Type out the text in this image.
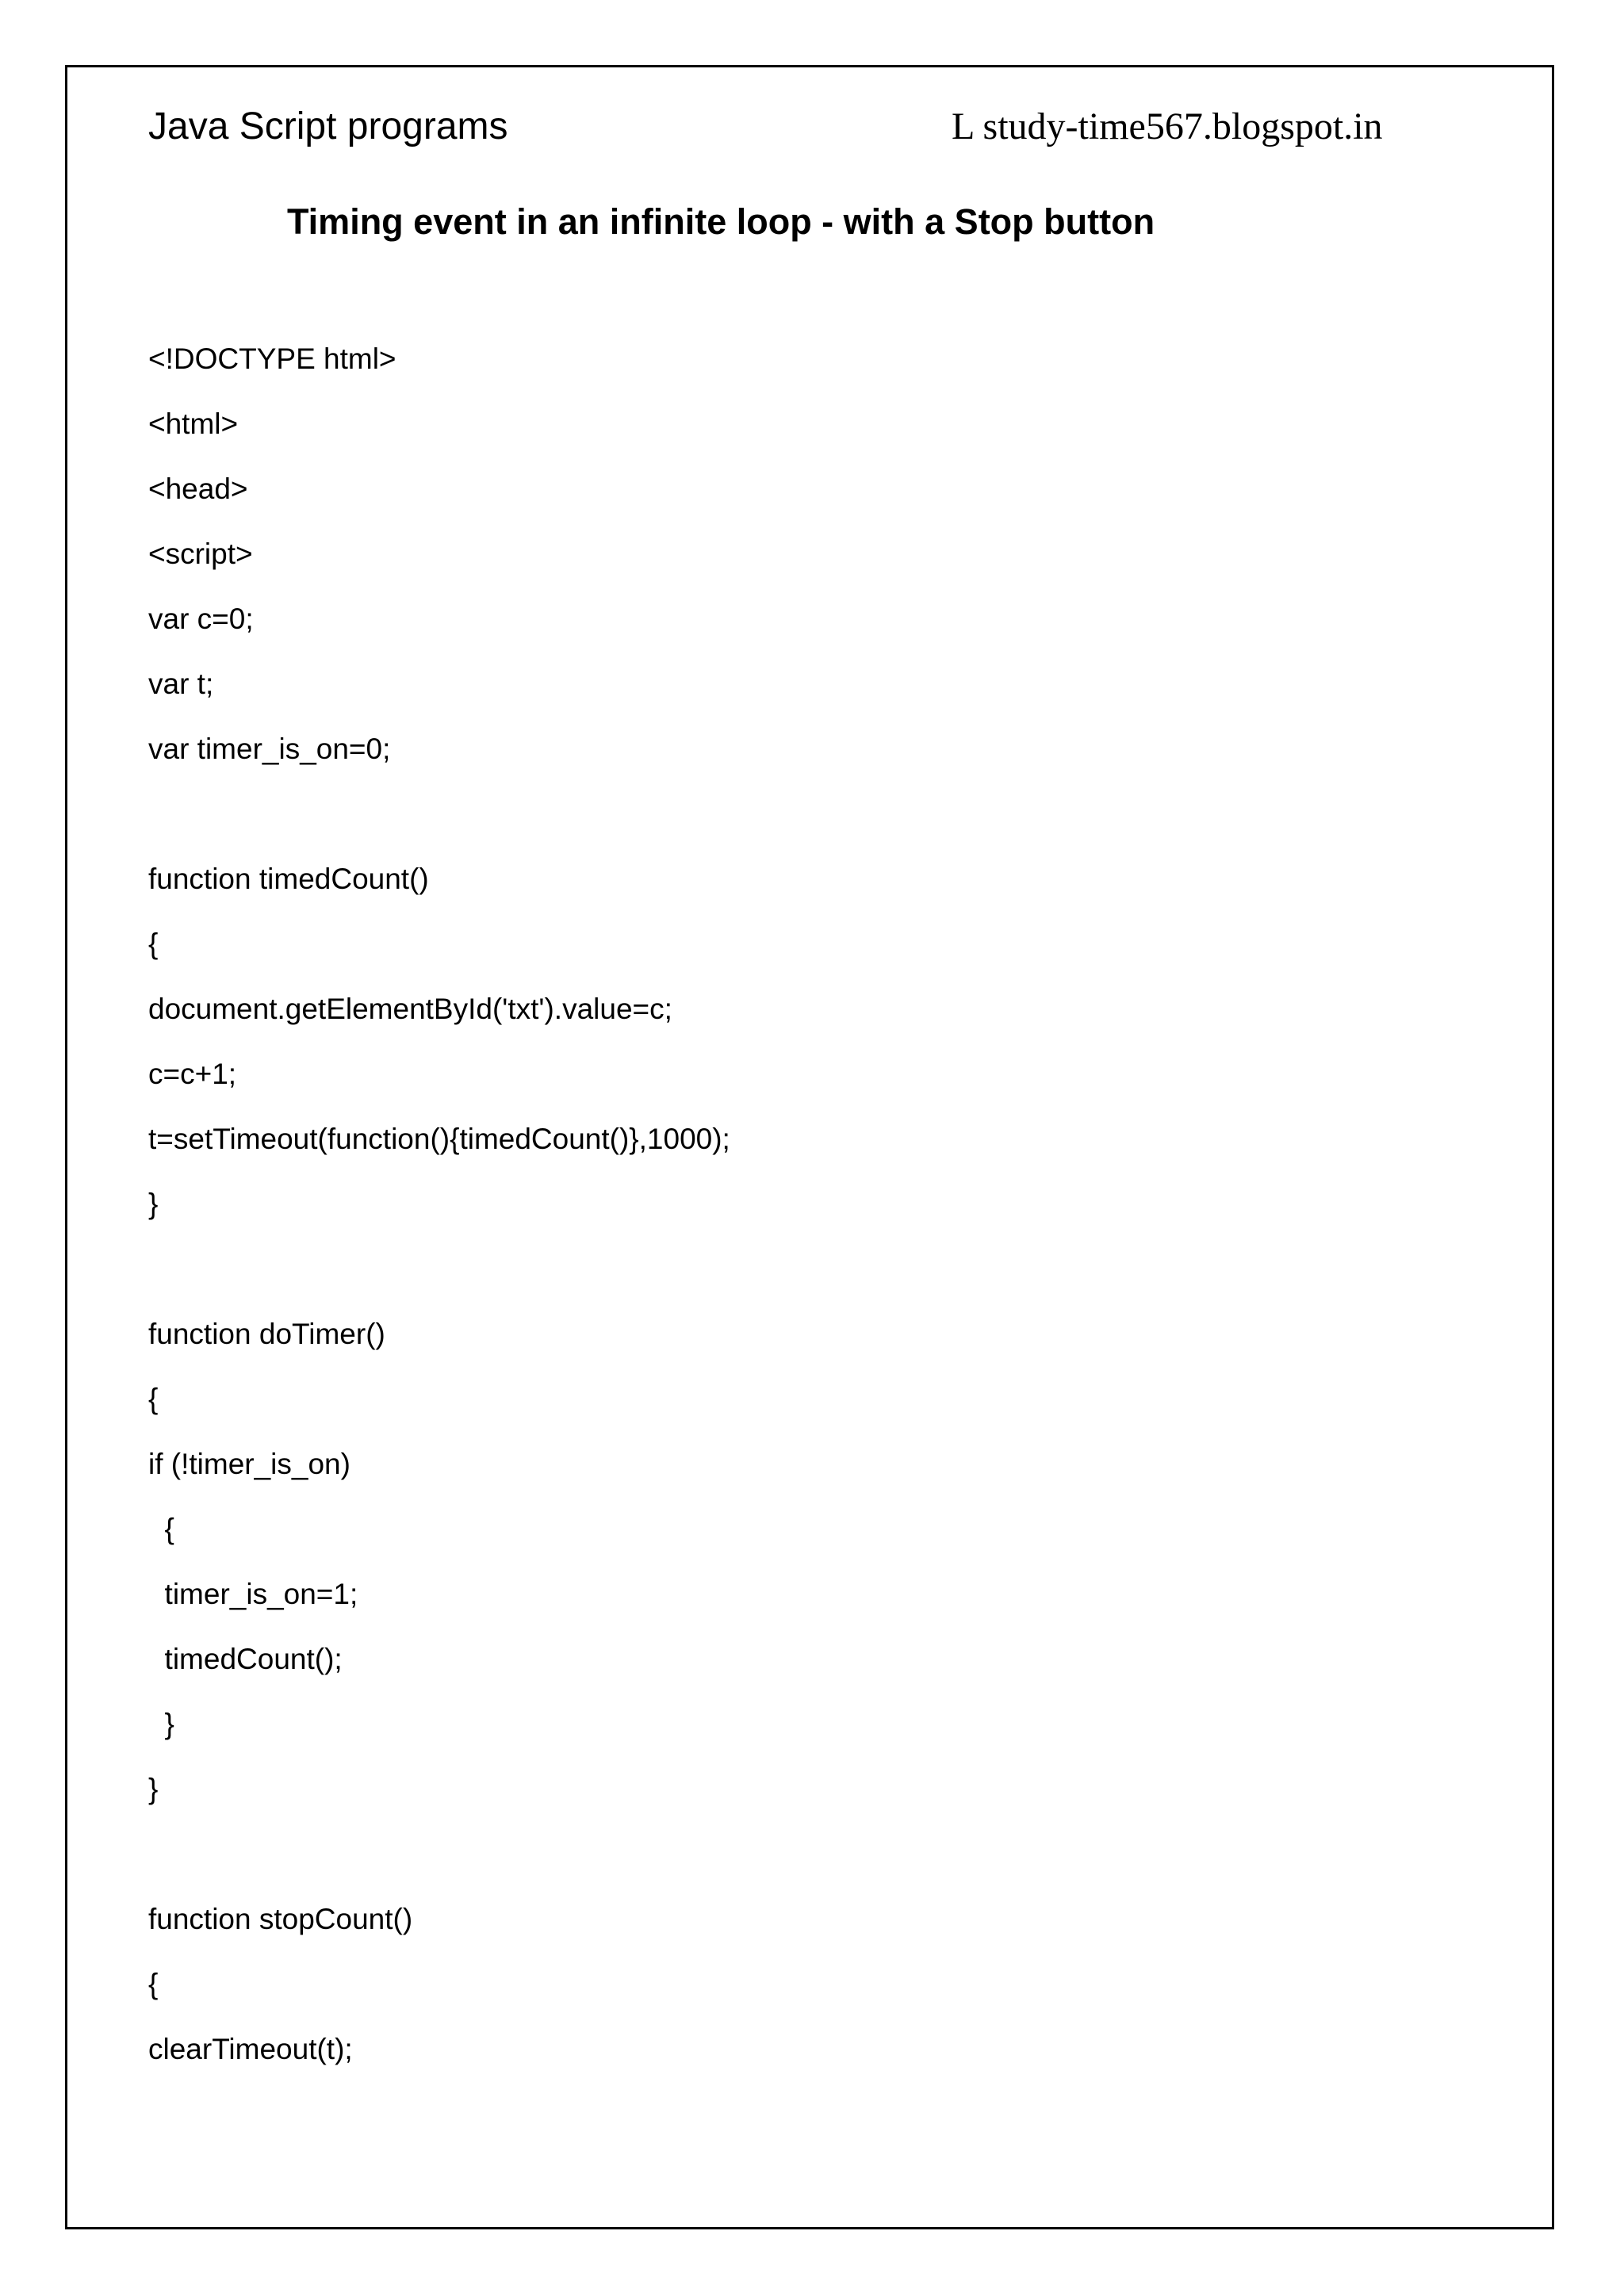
Java Script programs	L study-time567.blogspot.in
Timing event in an infinite loop - with a Stop button
<!DOCTYPE html>
<html>
<head>
<script>
var c=0;
var t;
var timer_is_on=0;
function timedCount()
{
document.getElementById('txt').value=c;
c=c+1;
t=setTimeout(function(){timedCount()},1000);
}
function doTimer()
{
if (!timer_is_on)
{
timer_is_on=1;
timedCount();
}
}
function stopCount()
{
clearTimeout(t);
